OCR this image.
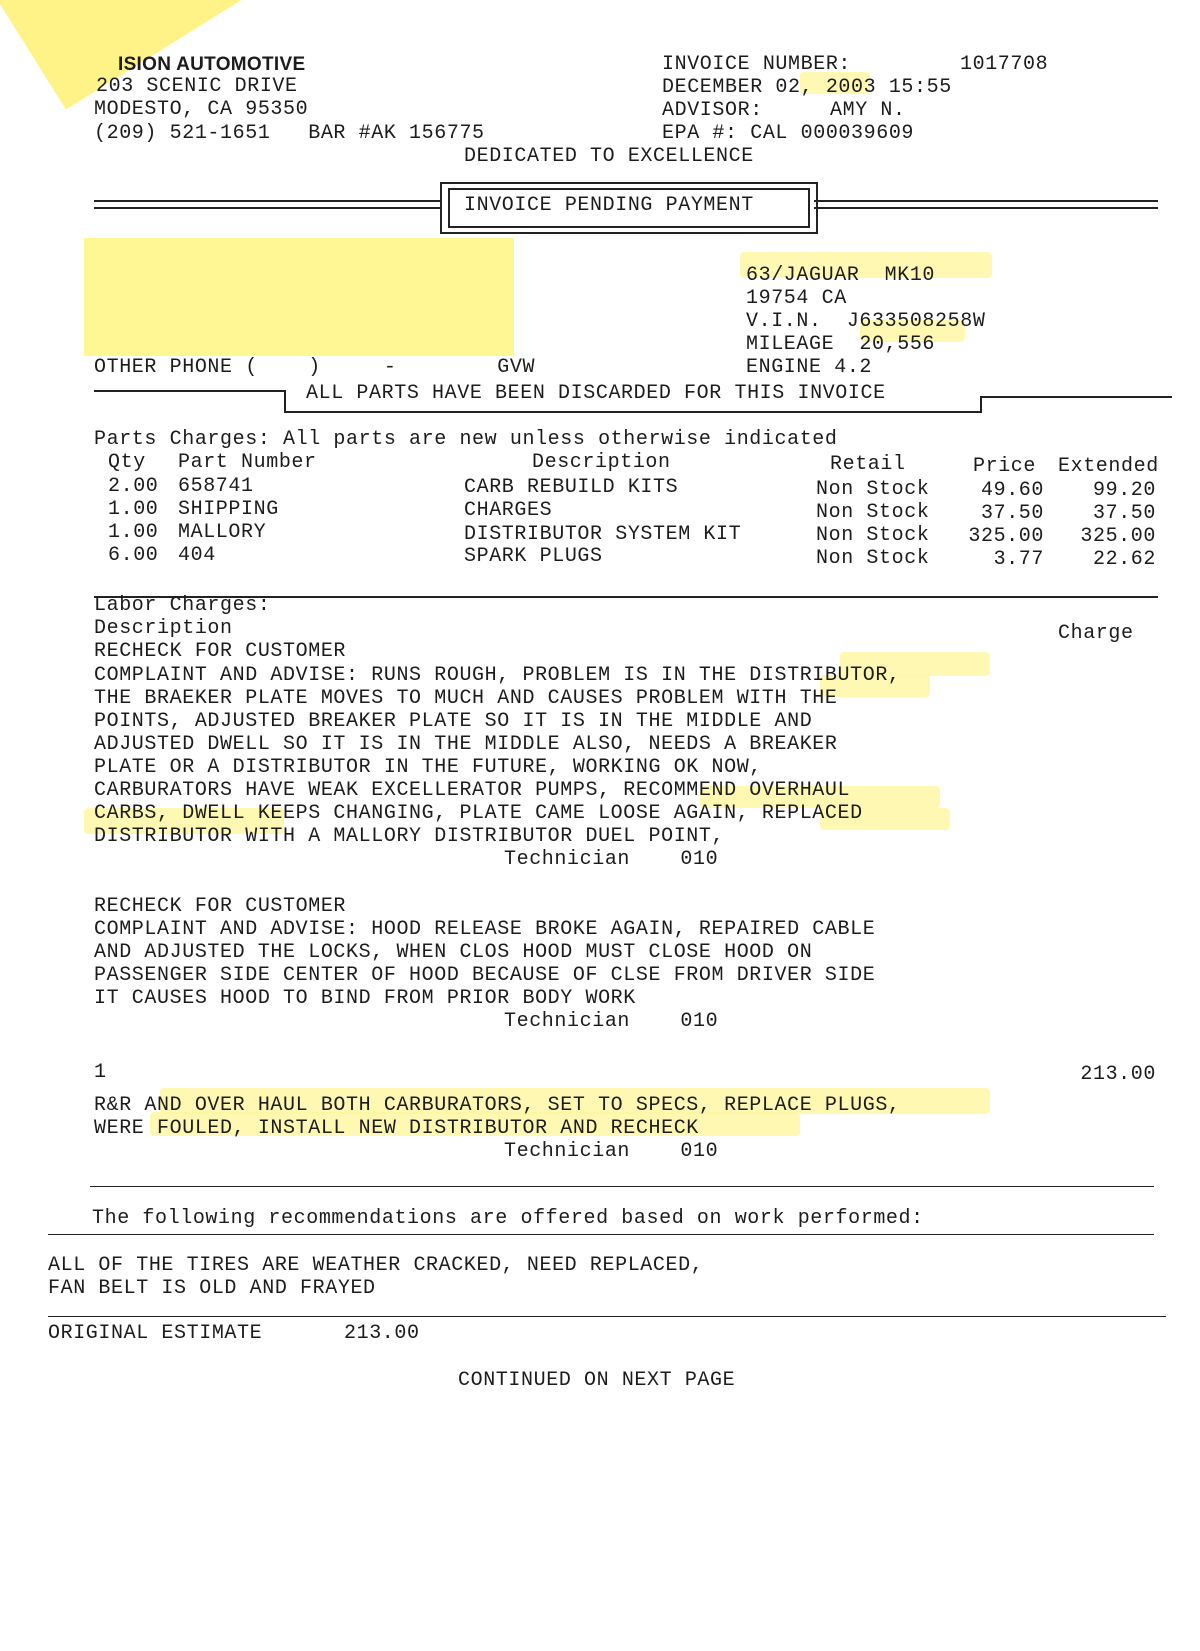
ISION AUTOMOTIVE
203 SCENIC DRIVE
MODESTO, CA 95350
(209) 521-1651   BAR #AK 156775
INVOICE NUMBER:	1017708
DECEMBER 02, 2003 15:55
ADVISOR:	AMY N.
EPA #: CAL 000039609
DEDICATED TO EXCELLENCE
INVOICE PENDING PAYMENT
63/JAGUAR  MK10
19754 CA
V.I.N.  J633508258W
MILEAGE  20,556
ENGINE 4.2
OTHER PHONE (    )     -        GVW
ALL PARTS HAVE BEEN DISCARDED FOR THIS INVOICE
Parts Charges: All parts are new unless otherwise indicated
Qty Part Number	Description	Retail	Price Extended
2.00 658741	CARB REBUILD KITS	Non Stock	49.60	99.20
1.00 SHIPPING	CHARGES	Non Stock	37.50	37.50
1.00 MALLORY	DISTRIBUTOR SYSTEM KIT	Non Stock	325.00	325.00
6.00 404	SPARK PLUGS	Non Stock	3.77	22.62
Labor Charges:
Description	Charge
RECHECK FOR CUSTOMER
COMPLAINT AND ADVISE: RUNS ROUGH, PROBLEM IS IN THE DISTRIBUTOR,
THE BRAEKER PLATE MOVES TO MUCH AND CAUSES PROBLEM WITH THE
POINTS, ADJUSTED BREAKER PLATE SO IT IS IN THE MIDDLE AND
ADJUSTED DWELL SO IT IS IN THE MIDDLE ALSO, NEEDS A BREAKER
PLATE OR A DISTRIBUTOR IN THE FUTURE, WORKING OK NOW,
CARBURATORS HAVE WEAK EXCELLERATOR PUMPS, RECOMMEND OVERHAUL
CARBS, DWELL KEEPS CHANGING, PLATE CAME LOOSE AGAIN, REPLACED
DISTRIBUTOR WITH A MALLORY DISTRIBUTOR DUEL POINT,
Technician    010
RECHECK FOR CUSTOMER
COMPLAINT AND ADVISE: HOOD RELEASE BROKE AGAIN, REPAIRED CABLE
AND ADJUSTED THE LOCKS, WHEN CLOS HOOD MUST CLOSE HOOD ON
PASSENGER SIDE CENTER OF HOOD BECAUSE OF CLSE FROM DRIVER SIDE
IT CAUSES HOOD TO BIND FROM PRIOR BODY WORK
Technician    010
1	213.00
R&R AND OVER HAUL BOTH CARBURATORS, SET TO SPECS, REPLACE PLUGS,
WERE FOULED, INSTALL NEW DISTRIBUTOR AND RECHECK
Technician    010
The following recommendations are offered based on work performed:
ALL OF THE TIRES ARE WEATHER CRACKED, NEED REPLACED,
FAN BELT IS OLD AND FRAYED
ORIGINAL ESTIMATE	213.00
CONTINUED ON NEXT PAGE
